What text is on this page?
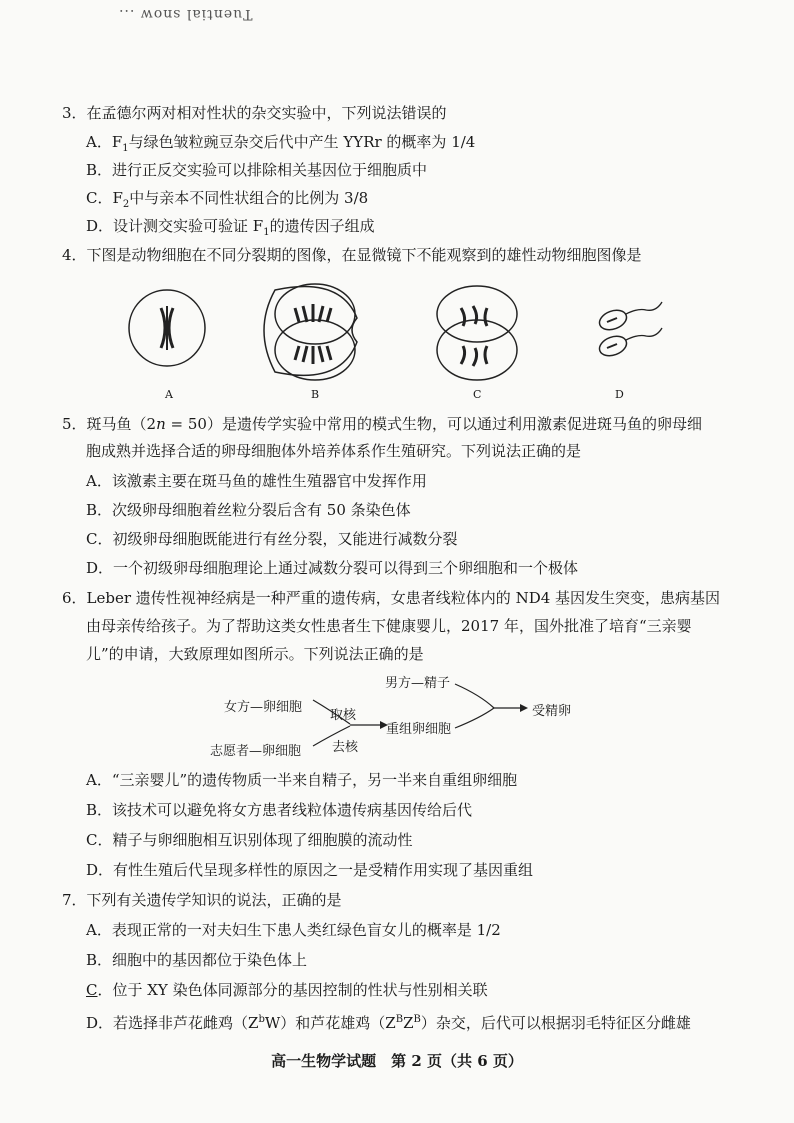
Tuential snow ...
3．在孟德尔两对相对性状的杂交实验中，下列说法错误的
A．$F_1$与绿色皱粒豌豆杂交后代中产生 YYRr 的概率为 1/4
B．进行正反交实验可以排除相关基因位于细胞质中
C．$F_2$中与亲本不同性状组合的比例为 3/8
D．设计测交实验可验证 $F_1$的遗传因子组成
4．下图是动物细胞在不同分裂期的图像，在显微镜下不能观察到的雄性动物细胞图像是
A	B	C	D
5．斑马鱼（2n = 50）是遗传学实验中常用的模式生物，可以通过利用激素促进斑马鱼的卵母细
胞成熟并选择合适的卵母细胞体外培养体系作生殖研究。下列说法正确的是
A．该激素主要在斑马鱼的雄性生殖器官中发挥作用
B．次级卵母细胞着丝粒分裂后含有 50 条染色体
C．初级卵母细胞既能进行有丝分裂，又能进行减数分裂
D．一个初级卵母细胞理论上通过减数分裂可以得到三个卵细胞和一个极体
6．Leber 遗传性视神经病是一种严重的遗传病，女患者线粒体内的 ND4 基因发生突变，患病基因
由母亲传给孩子。为了帮助这类女性患者生下健康婴儿，2017 年，国外批准了培育“三亲婴
儿”的申请，大致原理如图所示。下列说法正确的是
男方—精子
女方—卵细胞
取核
重组卵细胞
受精卵
志愿者—卵细胞 去核
A．“三亲婴儿”的遗传物质一半来自精子，另一半来自重组卵细胞
B．该技术可以避免将女方患者线粒体遗传病基因传给后代
C．精子与卵细胞相互识别体现了细胞膜的流动性
D．有性生殖后代呈现多样性的原因之一是受精作用实现了基因重组
7．下列有关遗传学知识的说法，正确的是
A．表现正常的一对夫妇生下患人类红绿色盲女儿的概率是 1/2
B．细胞中的基因都位于染色体上
C．位于 XY 染色体同源部分的基因控制的性状与性别相关联
D．若选择非芦花雌鸡$(Z^bW)$和芦花雄鸡$(Z^BZ^B)$杂交，后代可以根据羽毛特征区分雌雄
高一生物学试题　第 2 页（共 6 页）
